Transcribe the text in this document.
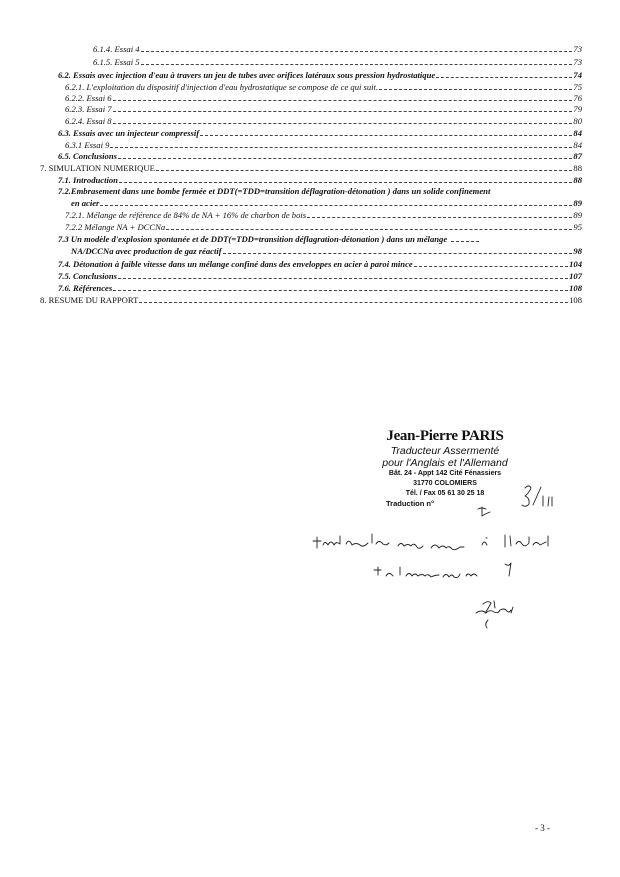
6.1.4. Essai 4	73
6.1.5. Essai 5	73
6.2. Essais avec injection d'eau à travers un jeu de tubes avec orifices latéraux sous pression hydrostatique	74
6.2.1. L'exploitation du dispositif d'injection d'eau hydrostatique se compose de ce qui suit.	75
6.2.2. Essai 6	76
6.2.3. Essai 7	79
6.2.4. Essai 8	80
6.3. Essais avec un injecteur compressif	84
6.3.1 Essai 9	84
6.5. Conclusions	87
7. SIMULATION NUMERIQUE	88
7.1. Introduction	88
7.2.Embrasement dans une bombe fermée et DDT(=TDD=transition déflagration-détonation ) dans un solide confinement
en acier	89
7.2.1. Mélange de référence de 84% de NA + 16% de charbon de bois	89
7.2.2 Mélange NA + DCCNa	95
7.3 Un modèle d'explosion spontanée et de DDT(=TDD=transition déflagration-détonation ) dans un mélange
NA/DCCNa avec production de gaz réactif	98
7.4. Détonation à faible vitesse dans un mélange confiné dans des enveloppes en acier à paroi mince	104
7.5. Conclusions	107
7.6. Références	108
8. RESUME DU RAPPORT	108
Jean-Pierre PARIS
Traducteur Assermenté
pour l'Anglais et l'Allemand
Bât. 24 - Appt 142 Cité Fénassiers
31770 COLOMIERS
Tél. / Fax 05 61 30 25 18
Traduction n°
- 3 -
